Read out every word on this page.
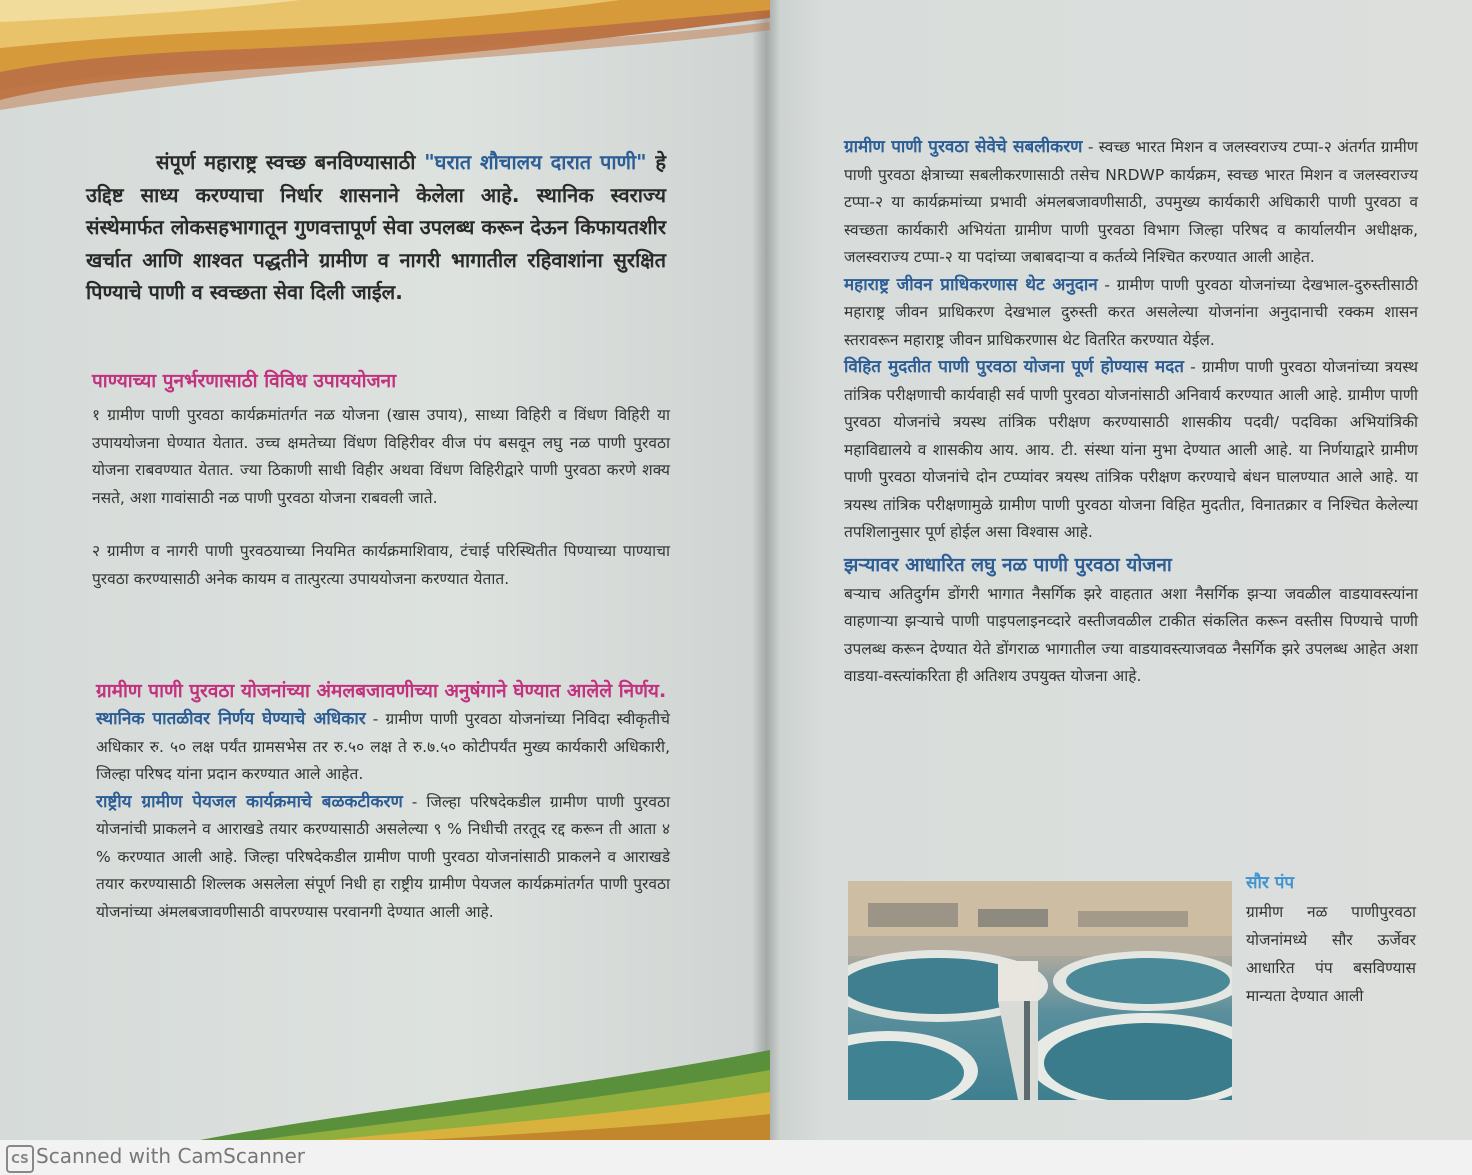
संपूर्ण महाराष्ट्र स्वच्छ बनविण्यासाठी "घरात शौचालय दारात पाणी" हे उद्दिष्ट साध्य करण्याचा निर्धार शासनाने केलेला आहे. स्थानिक स्वराज्य संस्थेमार्फत लोकसहभागातून गुणवत्तापूर्ण सेवा उपलब्ध करून देऊन किफायतशीर खर्चात आणि शाश्वत पद्धतीने ग्रामीण व नागरी भागातील रहिवाशांना सुरक्षित पिण्याचे पाणी व स्वच्छता सेवा दिली जाईल.

पाण्याच्या पुनर्भरणासाठी विविध उपाययोजना

१ ग्रामीण पाणी पुरवठा कार्यक्रमांतर्गत नळ योजना (खास उपाय), साध्या विहिरी व विंधण विहिरी या उपाययोजना घेण्यात येतात. उच्च क्षमतेच्या विंधण विहिरीवर वीज पंप बसवून लघु नळ पाणी पुरवठा योजना राबवण्यात येतात. ज्या ठिकाणी साधी विहीर अथवा विंधण विहिरीद्वारे पाणी पुरवठा करणे शक्य नसते, अशा गावांसाठी नळ पाणी पुरवठा योजना राबवली जाते.

२ ग्रामीण व नागरी पाणी पुरवठयाच्या नियमित कार्यक्रमाशिवाय, टंचाई परिस्थितीत पिण्याच्या पाण्याचा पुरवठा करण्यासाठी अनेक कायम व तात्पुरत्या उपाययोजना करण्यात येतात.

ग्रामीण पाणी पुरवठा योजनांच्या अंमलबजावणीच्या अनुषंगाने घेण्यात आलेले निर्णय.

स्थानिक पातळीवर निर्णय घेण्याचे अधिकार - ग्रामीण पाणी पुरवठा योजनांच्या निविदा स्वीकृतीचे अधिकार रु. ५० लक्ष पर्यंत ग्रामसभेस तर रु.५० लक्ष ते रु.७.५० कोटीपर्यंत मुख्य कार्यकारी अधिकारी, जिल्हा परिषद यांना प्रदान करण्यात आले आहेत.

राष्ट्रीय ग्रामीण पेयजल कार्यक्रमाचे बळकटीकरण - जिल्हा परिषदेकडील ग्रामीण पाणी पुरवठा योजनांची प्राकलने व आराखडे तयार करण्यासाठी असलेल्या ९ % निधीची तरतूद रद्द करून ती आता ४ % करण्यात आली आहे. जिल्हा परिषदेकडील ग्रामीण पाणी पुरवठा योजनांसाठी प्राकलने व आराखडे तयार करण्यासाठी शिल्लक असलेला संपूर्ण निधी हा राष्ट्रीय ग्रामीण पेयजल कार्यक्रमांतर्गत पाणी पुरवठा योजनांच्या अंमलबजावणीसाठी वापरण्यास परवानगी देण्यात आली आहे.

ग्रामीण पाणी पुरवठा सेवेचे सबलीकरण - स्वच्छ भारत मिशन व जलस्वराज्य टप्पा-२ अंतर्गत ग्रामीण पाणी पुरवठा क्षेत्राच्या सबलीकरणासाठी तसेच NRDWP कार्यक्रम, स्वच्छ भारत मिशन व जलस्वराज्य टप्पा-२ या कार्यक्रमांच्या प्रभावी अंमलबजावणीसाठी, उपमुख्य कार्यकारी अधिकारी पाणी पुरवठा व स्वच्छता कार्यकारी अभियंता ग्रामीण पाणी पुरवठा विभाग जिल्हा परिषद व कार्यालयीन अधीक्षक, जलस्वराज्य टप्पा-२ या पदांच्या जबाबदाऱ्या व कर्तव्ये निश्चित करण्यात आली आहेत.

महाराष्ट्र जीवन प्राधिकरणास थेट अनुदान - ग्रामीण पाणी पुरवठा योजनांच्या देखभाल-दुरुस्तीसाठी महाराष्ट्र जीवन प्राधिकरण देखभाल दुरुस्ती करत असलेल्या योजनांना अनुदानाची रक्कम शासन स्तरावरून महाराष्ट्र जीवन प्राधिकरणास थेट वितरित करण्यात येईल.

विहित मुदतीत पाणी पुरवठा योजना पूर्ण होण्यास मदत - ग्रामीण पाणी पुरवठा योजनांच्या त्रयस्थ तांत्रिक परीक्षणाची कार्यवाही सर्व पाणी पुरवठा योजनांसाठी अनिवार्य करण्यात आली आहे. ग्रामीण पाणी पुरवठा योजनांचे त्रयस्थ तांत्रिक परीक्षण करण्यासाठी शासकीय पदवी/ पदविका अभियांत्रिकी महाविद्यालये व शासकीय आय. आय. टी. संस्था यांना मुभा देण्यात आली आहे. या निर्णयाद्वारे ग्रामीण पाणी पुरवठा योजनांचे दोन टप्प्यांवर त्रयस्थ तांत्रिक परीक्षण करण्याचे बंधन घालण्यात आले आहे. या त्रयस्थ तांत्रिक परीक्षणामुळे ग्रामीण पाणी पुरवठा योजना विहित मुदतीत, विनातक्रार व निश्चित केलेल्या तपशिलानुसार पूर्ण होईल असा विश्वास आहे.

झऱ्यावर आधारित लघु नळ पाणी पुरवठा योजना

बऱ्याच अतिदुर्गम डोंगरी भागात नैसर्गिक झरे वाहतात अशा नैसर्गिक झऱ्या जवळील वाडयावस्त्यांना वाहणाऱ्या झऱ्याचे पाणी पाइपलाइनव्दारे वस्तीजवळील टाकीत संकलित करून वस्तीस पिण्याचे पाणी उपलब्ध करून देण्यात येते डोंगराळ भागातील ज्या वाडयावस्त्याजवळ नैसर्गिक झरे उपलब्ध आहेत अशा वाडया-वस्त्यांकरिता ही अतिशय उपयुक्त योजना आहे.

सौर पंप

ग्रामीण नळ पाणीपुरवठा योजनांमध्ये सौर ऊर्जेवर आधारित पंप बसविण्यास मान्यता देण्यात आली

CS Scanned with CamScanner
